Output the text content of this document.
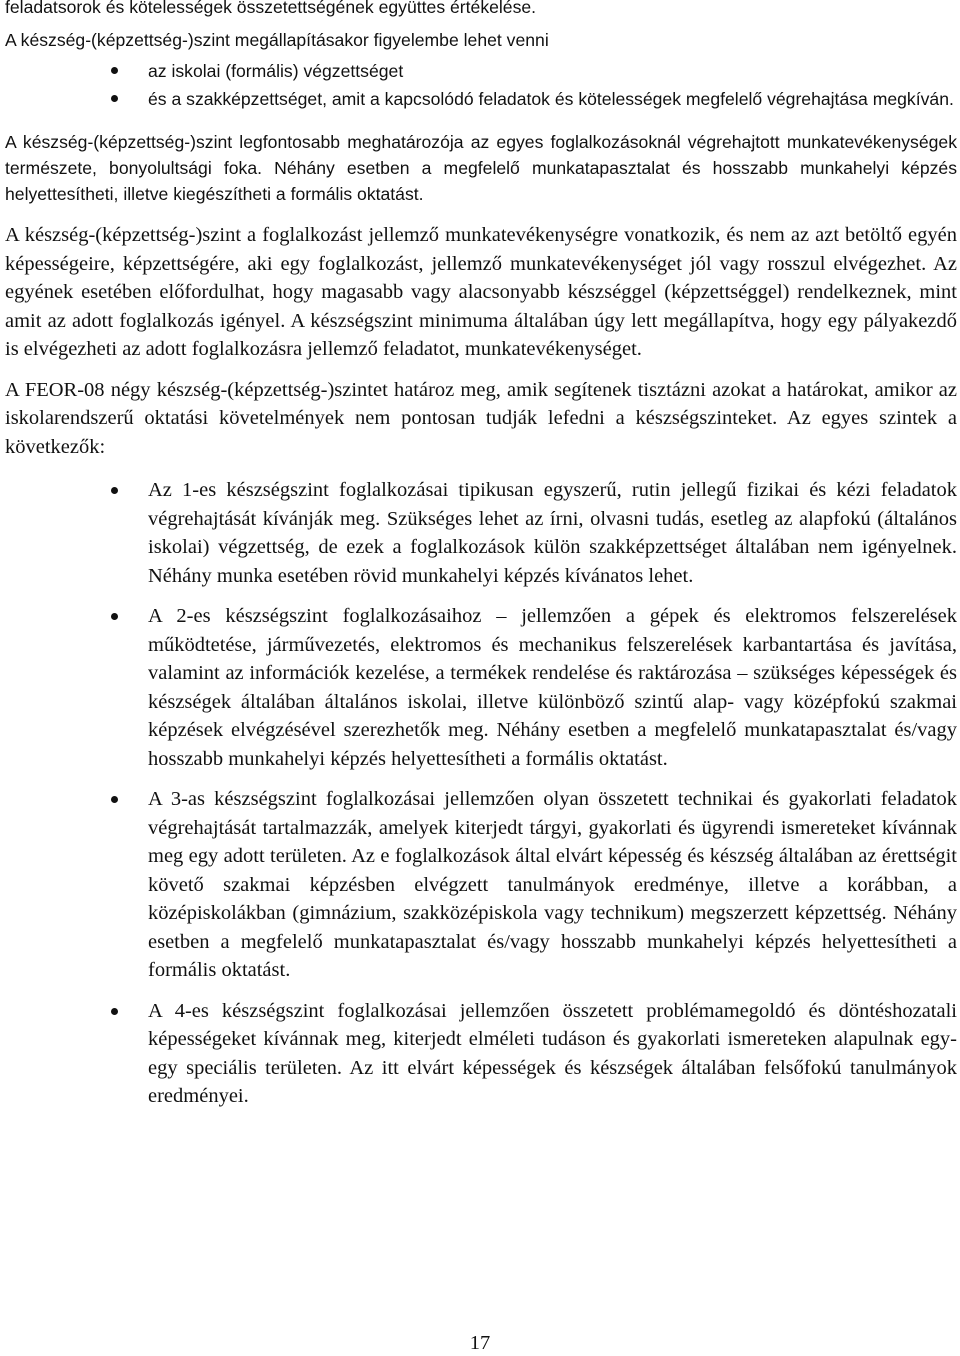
feladatsorok és kötelességek összetettségének együttes értékelése.

A készség-(képzettség-)szint megállapításakor figyelembe lehet venni

az iskolai (formális) végzettséget
és a szakképzettséget, amit a kapcsolódó feladatok és kötelességek megfelelő végrehajtása megkíván.

A készség-(képzettség-)szint legfontosabb meghatározója az egyes foglalkozásoknál végrehajtott munkatevékenységek természete, bonyolultsági foka. Néhány esetben a megfelelő munkatapasztalat és hosszabb munkahelyi képzés helyettesítheti, illetve kiegészítheti a formális oktatást.

A készség-(képzettség-)szint a foglalkozást jellemző munkatevékenységre vonatkozik, és nem az azt betöltő egyén képességeire, képzettségére, aki egy foglalkozást, jellemző munkatevékenységet jól vagy rosszul elvégezhet. Az egyének esetében előfordulhat, hogy magasabb vagy alacsonyabb készséggel (képzettséggel) rendelkeznek, mint amit az adott foglalkozás igényel. A készségszint minimuma általában úgy lett megállapítva, hogy egy pályakezdő is elvégezheti az adott foglalkozásra jellemző feladatot, munkatevékenységet.

A FEOR-08 négy készség-(képzettség-)szintet határoz meg, amik segítenek tisztázni azokat a határokat, amikor az iskolarendszerű oktatási követelmények nem pontosan tudják lefedni a készségszinteket. Az egyes szintek a következők:

Az 1-es készségszint foglalkozásai tipikusan egyszerű, rutin jellegű fizikai és kézi feladatok végrehajtását kívánják meg. Szükséges lehet az írni, olvasni tudás, esetleg az alapfokú (általános iskolai) végzettség, de ezek a foglalkozások külön szakképzettséget általában nem igényelnek. Néhány munka esetében rövid munkahelyi képzés kívánatos lehet.
A 2-es készségszint foglalkozásaihoz – jellemzően a gépek és elektromos felszerelések működtetése, járművezetés, elektromos és mechanikus felszerelések karbantartása és javítása, valamint az információk kezelése, a termékek rendelése és raktározása – szükséges képességek és készségek általában általános iskolai, illetve különböző szintű alap- vagy középfokú szakmai képzések elvégzésével szerezhetők meg. Néhány esetben a megfelelő munkatapasztalat és/vagy hosszabb munkahelyi képzés helyettesítheti a formális oktatást.
A 3-as készségszint foglalkozásai jellemzően olyan összetett technikai és gyakorlati feladatok végrehajtását tartalmazzák, amelyek kiterjedt tárgyi, gyakorlati és ügyrendi ismereteket kívánnak meg egy adott területen. Az e foglalkozások által elvárt képesség és készség általában az érettségit követő szakmai képzésben elvégzett tanulmányok eredménye, illetve a korábban, a középiskolákban (gimnázium, szakközépiskola vagy technikum) megszerzett képzettség. Néhány esetben a megfelelő munkatapasztalat és/vagy hosszabb munkahelyi képzés helyettesítheti a formális oktatást.
A 4-es készségszint foglalkozásai jellemzően összetett problémamegoldó és döntéshozatali képességeket kívánnak meg, kiterjedt elméleti tudáson és gyakorlati ismereteken alapulnak egy-egy speciális területen. Az itt elvárt képességek és készségek általában felsőfokú tanulmányok eredményei.
17
